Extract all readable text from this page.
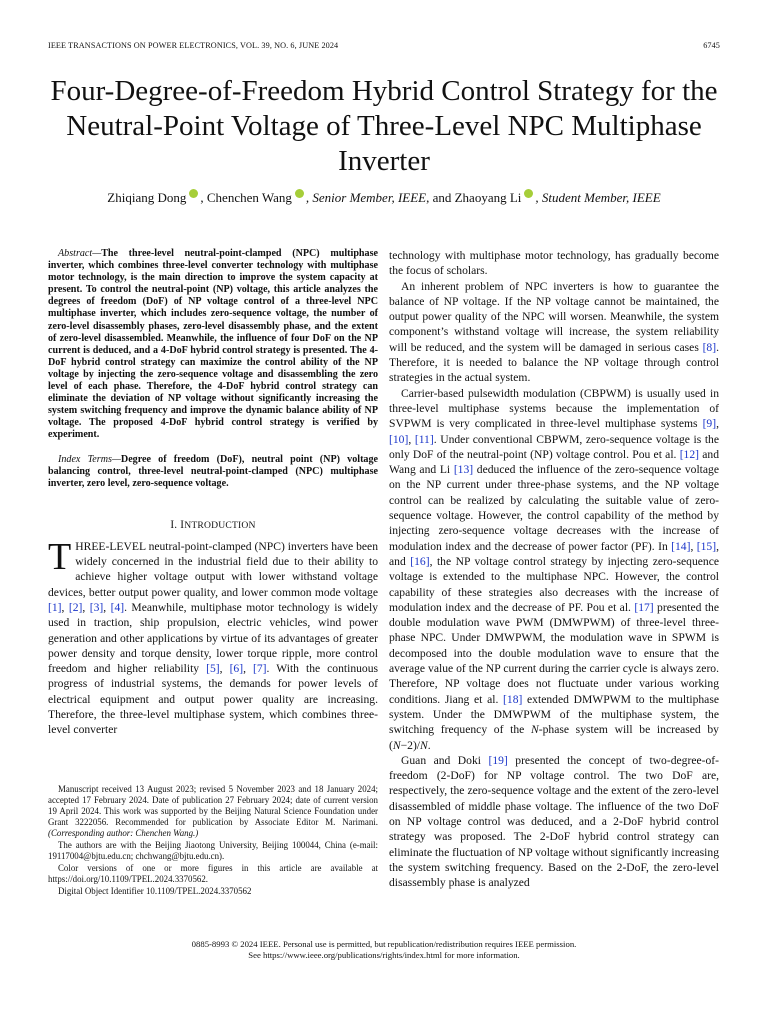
IEEE TRANSACTIONS ON POWER ELECTRONICS, VOL. 39, NO. 6, JUNE 2024	6745
Four-Degree-of-Freedom Hybrid Control Strategy for the Neutral-Point Voltage of Three-Level NPC Multiphase Inverter
Zhiqiang Dong , Chenchen Wang , Senior Member, IEEE, and Zhaoyang Li , Student Member, IEEE

Abstract—The three-level neutral-point-clamped (NPC) multiphase inverter, which combines three-level converter technology with multiphase motor technology, is the main direction to improve the system capacity at present. To control the neutral-point (NP) voltage, this article analyzes the degrees of freedom (DoF) of NP voltage control of a three-level NPC multiphase inverter, which includes zero-sequence voltage, the number of zero-level disassembly phases, zero-level disassembly phase, and the extent of zero-level disassembled. Meanwhile, the influence of four DoF on the NP current is deduced, and a 4-DoF hybrid control strategy is presented. The 4-DoF hybrid control strategy can maximize the control ability of the NP voltage by injecting the zero-sequence voltage and disassembling the zero level of each phase. Therefore, the 4-DoF hybrid control strategy can eliminate the deviation of NP voltage without significantly increasing the system switching frequency and improve the dynamic balance ability of NP voltage. The proposed 4-DoF hybrid control strategy is verified by experiment.

Index Terms—Degree of freedom (DoF), neutral point (NP) voltage balancing control, three-level neutral-point-clamped (NPC) multiphase inverter, zero level, zero-sequence voltage.

I. INTRODUCTION

THREE-LEVEL neutral-point-clamped (NPC) inverters have been widely concerned in the industrial field due to their ability to achieve higher voltage output with lower withstand voltage devices, better output power quality, and lower common mode voltage [1], [2], [3], [4]. Meanwhile, multiphase motor technology is widely used in traction, ship propulsion, electric vehicles, wind power generation and other applications by virtue of its advantages of greater power density and torque density, lower torque ripple, more control freedom and higher reliability [5], [6], [7]. With the continuous progress of industrial systems, the demands for power levels of electrical equipment and output power quality are increasing. Therefore, the three-level multiphase system, which combines three-level converter

Manuscript received 13 August 2023; revised 5 November 2023 and 18 January 2024; accepted 17 February 2024. Date of publication 27 February 2024; date of current version 19 April 2024. This work was supported by the Beijing Natural Science Foundation under Grant 3222056. Recommended for publication by Associate Editor M. Narimani. (Corresponding author: Chenchen Wang.)

The authors are with the Beijing Jiaotong University, Beijing 100044, China (e-mail: 19117004@bjtu.edu.cn; chchwang@bjtu.edu.cn).

Color versions of one or more figures in this article are available at https://doi.org/10.1109/TPEL.2024.3370562.

Digital Object Identifier 10.1109/TPEL.2024.3370562

technology with multiphase motor technology, has gradually become the focus of scholars.

An inherent problem of NPC inverters is how to guarantee the balance of NP voltage. If the NP voltage cannot be maintained, the output power quality of the NPC will worsen. Meanwhile, the system component’s withstand voltage will increase, the system reliability will be reduced, and the system will be damaged in serious cases [8]. Therefore, it is needed to balance the NP voltage through control strategies in the actual system.

Carrier-based pulsewidth modulation (CBPWM) is usually used in three-level multiphase systems because the implementation of SVPWM is very complicated in three-level multiphase systems [9], [10], [11]. Under conventional CBPWM, zero-sequence voltage is the only DoF of the neutral-point (NP) voltage control. Pou et al. [12] and Wang and Li [13] deduced the influence of the zero-sequence voltage on the NP current under three-phase systems, and the NP voltage control can be realized by calculating the suitable value of zero-sequence voltage. However, the control capability of the method by injecting zero-sequence voltage decreases with the increase of modulation index and the decrease of power factor (PF). In [14], [15], and [16], the NP voltage control strategy by injecting zero-sequence voltage is extended to the multiphase NPC. However, the control capability of these strategies also decreases with the increase of modulation index and the decrease of PF. Pou et al. [17] presented the double modulation wave PWM (DMWPWM) of three-level three-phase NPC. Under DMWPWM, the modulation wave in SPWM is decomposed into the double modulation wave to ensure that the average value of the NP current during the carrier cycle is always zero. Therefore, NP voltage does not fluctuate under various working conditions. Jiang et al. [18] extended DMWPWM to the multiphase system. Under the DMWPWM of the multiphase system, the switching frequency of the N-phase system will be increased by (N−2)/N.

Guan and Doki [19] presented the concept of two-degree-of-freedom (2-DoF) for NP voltage control. The two DoF are, respectively, the zero-sequence voltage and the extent of the zero-level disassembled of middle phase voltage. The influence of the two DoF on NP voltage control was deduced, and a 2-DoF hybrid control strategy was proposed. The 2-DoF hybrid control strategy can eliminate the fluctuation of NP voltage without significantly increasing the system switching frequency. Based on the 2-DoF, the zero-level disassembly phase is analyzed

0885-8993 © 2024 IEEE. Personal use is permitted, but republication/redistribution requires IEEE permission.
See https://www.ieee.org/publications/rights/index.html for more information.
